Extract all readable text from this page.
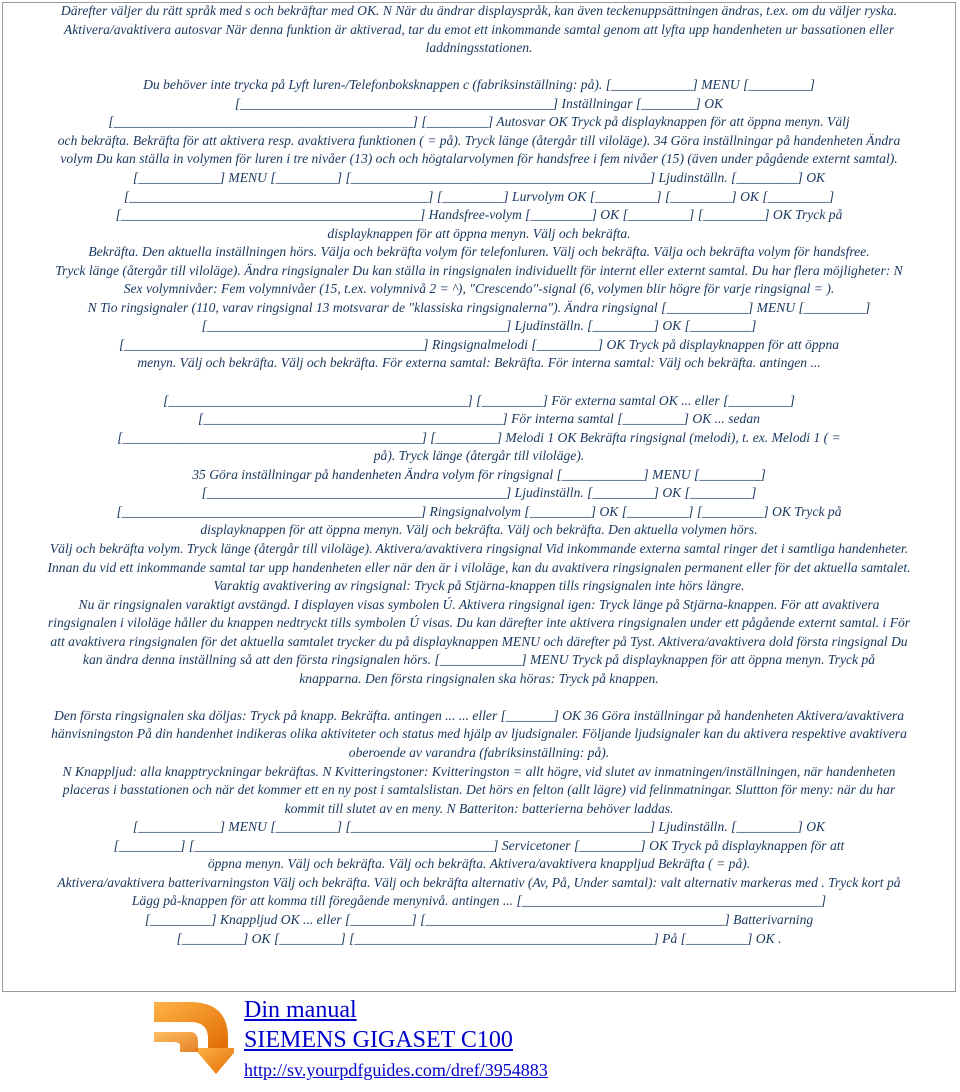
Därefter väljer du rätt språk med s och bekräftar med OK. N När du ändrar displayspråk, kan även teckenuppsättningen ändras, t.ex. om du väljer ryska.
Aktivera/avaktivera autosvar När denna funktion är aktiverad, tar du emot ett inkommande samtal genom att lyfta upp handenheten ur bassationen eller
laddningsstationen.
Du behöver inte trycka på Lyft luren-/Telefonboksknappen c (fabriksinställning: på). [____________] MENU [_________]
[______________________________________________] Inställningar [________] OK
[____________________________________________] [_________] Autosvar OK Tryck på displayknappen för att öppna menyn. Välj
och bekräfta. Bekräfta för att aktivera resp. avaktivera funktionen ( = på). Tryck länge (återgår till viloläge). 34 Göra inställningar på handenheten Ändra
volym Du kan ställa in volymen för luren i tre nivåer (13) och och högtalarvolymen för handsfree i fem nivåer (15) (även under pågående externt samtal).
[____________] MENU [_________] [____________________________________________] Ljudinställn. [_________] OK
[____________________________________________] [_________] Lurvolym OK [_________] [_________] OK [_________]
[____________________________________________] Handsfree-volym [_________] OK [_________] [_________] OK Tryck på
displayknappen för att öppna menyn. Välj och bekräfta.
Bekräfta. Den aktuella inställningen hörs. Välja och bekräfta volym för telefonluren. Välj och bekräfta. Välja och bekräfta volym för handsfree.
Tryck länge (återgår till viloläge). Ändra ringsignaler Du kan ställa in ringsignalen individuellt för internt eller externt samtal. Du har flera möjligheter: N
Sex volymnivåer: Fem volymnivåer (15, t.ex. volymnivå 2 = ^), "Crescendo"-signal (6, volymen blir högre för varje ringsignal = ).
N Tio ringsignaler (110, varav ringsignal 13 motsvarar de "klassiska ringsignalerna"). Ändra ringsignal [____________] MENU [_________]
[____________________________________________] Ljudinställn. [_________] OK [_________]
[____________________________________________] Ringsignalmelodi [_________] OK Tryck på displayknappen för att öppna
menyn. Välj och bekräfta. Välj och bekräfta. För externa samtal: Bekräfta. För interna samtal: Välj och bekräfta. antingen ...
[____________________________________________] [_________] För externa samtal OK ... eller [_________]
[____________________________________________] För interna samtal [_________] OK ... sedan
[____________________________________________] [_________] Melodi 1 OK Bekräfta ringsignal (melodi), t. ex. Melodi 1 ( =
på). Tryck länge (återgår till viloläge).
35 Göra inställningar på handenheten Ändra volym för ringsignal [____________] MENU [_________]
[____________________________________________] Ljudinställn. [_________] OK [_________]
[____________________________________________] Ringsignalvolym [_________] OK [_________] [_________] OK Tryck på
displayknappen för att öppna menyn. Välj och bekräfta. Välj och bekräfta. Den aktuella volymen hörs.
Välj och bekräfta volym. Tryck länge (återgår till viloläge). Aktivera/avaktivera ringsignal Vid inkommande externa samtal ringer det i samtliga handenheter.
Innan du vid ett inkommande samtal tar upp handenheten eller när den är i viloläge, kan du avaktivera ringsignalen permanent eller för det aktuella samtalet.
Varaktig avaktivering av ringsignal: Tryck på Stjärna-knappen tills ringsignalen inte hörs längre.
Nu är ringsignalen varaktigt avstängd. I displayen visas symbolen Ú. Aktivera ringsignal igen: Tryck länge på Stjärna-knappen. För att avaktivera
ringsignalen i viloläge håller du knappen nedtryckt tills symbolen Ú visas. Du kan därefter inte aktivera ringsignalen under ett pågående externt samtal. i För
att avaktivera ringsignalen för det aktuella samtalet trycker du på displayknappen MENU och därefter på Tyst. Aktivera/avaktivera dold första ringsignal Du
kan ändra denna inställning så att den första ringsignalen hörs. [____________] MENU Tryck på displayknappen för att öppna menyn. Tryck på
knapparna. Den första ringsignalen ska höras: Tryck på knappen.
Den första ringsignalen ska döljas: Tryck på knapp. Bekräfta. antingen ... ... eller [_______] OK 36 Göra inställningar på handenheten Aktivera/avaktivera
hänvisningston På din handenhet indikeras olika aktiviteter och status med hjälp av ljudsignaler. Följande ljudsignaler kan du aktivera respektive avaktivera
oberoende av varandra (fabriksinställning: på).
N Knappljud: alla knapptryckningar bekräftas. N Kvitteringstoner: Kvitteringston = allt högre, vid slutet av inmatningen/inställningen, när handenheten
placeras i basstationen och när det kommer ett en ny post i samtalslistan. Det hörs en felton (allt lägre) vid felinmatningar. Sluttton för meny: när du har
kommit till slutet av en meny. N Batteriton: batterierna behöver laddas.
[____________] MENU [_________] [____________________________________________] Ljudinställn. [_________] OK
[_________] [____________________________________________] Servicetoner [_________] OK Tryck på displayknappen för att
öppna menyn. Välj och bekräfta. Välj och bekräfta. Aktivera/avaktivera knappljud Bekräfta ( = på).
Aktivera/avaktivera batterivarningston Välj och bekräfta. Välj och bekräfta alternativ (Av, På, Under samtal): valt alternativ markeras med . Tryck kort på
Lägg på-knappen för att komma till föregående menynivå. antingen ... [____________________________________________]
[_________] Knappljud OK ... eller [_________] [____________________________________________] Batterivarning
[_________] OK [_________] [____________________________________________] På [_________] OK .
Din manual
SIEMENS GIGASET C100
http://sv.yourpdfguides.com/dref/3954883
